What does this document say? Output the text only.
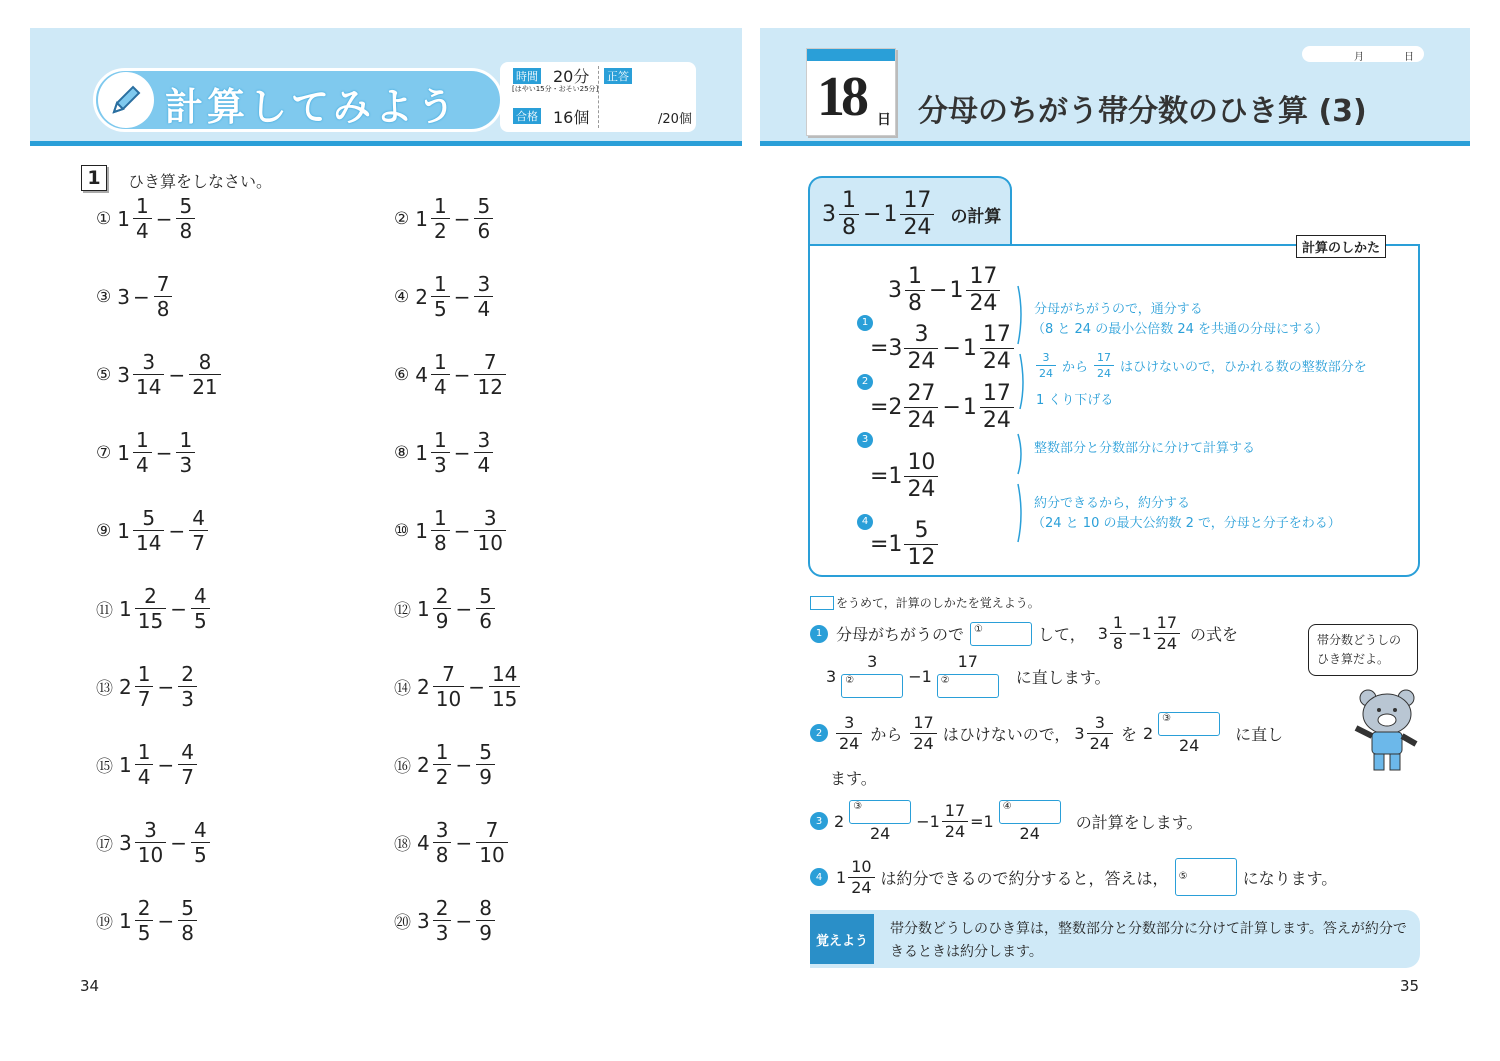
計算してみよう
時間 20分
[はやい15分・おそい25分]
合格 16個
正答
/20個
1	ひき算をしなさい。
① $1 \frac{1}{4} - \frac{5}{8}$	② $1 \frac{1}{2} - \frac{5}{6}$
③ $3 - \frac{7}{8}$	④ $2 \frac{1}{5} - \frac{3}{4}$
⑤ $3 \frac{3}{14} - \frac{8}{21}$	⑥ $4 \frac{1}{4} - \frac{7}{12}$
⑦ $1 \frac{1}{4} - \frac{1}{3}$	⑧ $1 \frac{1}{3} - \frac{3}{4}$
⑨ $1 \frac{5}{14} - \frac{4}{7}$	⑩ $1 \frac{1}{8} - \frac{3}{10}$
⑪ $1 \frac{2}{15} - \frac{4}{5}$	⑫ $1 \frac{2}{9} - \frac{5}{6}$
⑬ $2 \frac{1}{7} - \frac{2}{3}$	⑭ $2 \frac{7}{10} - \frac{14}{15}$
⑮ $1 \frac{1}{4} - \frac{4}{7}$	⑯ $2 \frac{1}{2} - \frac{5}{9}$
⑰ $3 \frac{3}{10} - \frac{4}{5}$	⑱ $4 \frac{3}{8} - \frac{7}{10}$
⑲ $1 \frac{2}{5} - \frac{5}{8}$	⑳ $3 \frac{2}{3} - \frac{8}{9}$
34
月	日
18 日 分母のちがう帯分数のひき算 (3)
$3 \frac{1}{8} - 1 \frac{17}{24}$ の計算
計算のしかた
$3 \frac{1}{8} - 1 \frac{17}{24}$
1
$=3 \frac{3}{24} - 1 \frac{17}{24}$
2
$=2 \frac{27}{24} - 1 \frac{17}{24}$
3
$=1 \frac{10}{24}$
4
$=1 \frac{5}{12}$
分母がちがうので，通分する
（8 と 24 の最小公倍数 24 を共通の分母にする）
$\frac{3}{24}$ から $\frac{17}{24}$ はひけないので，ひかれる数の整数部分を
1 くり下げる
整数部分と分数部分に分けて計算する
約分できるから，約分する
（24 と 10 の最大公約数 2 で，分母と分子をわる）
をうめて，計算のしかたを覚えよう。
1 分母がちがうので ①	して， $3 \frac{1}{8} -1 \frac{17}{24}$ の式を
3
3
②	−1
17
②	に直します。
$2 \frac{3}{24}$ から $\frac{17}{24}$ はひけないので， $3 \frac{3}{24}$ を 2
③
24
に直し
ます。
3 2
③
24
$-1 \frac{17}{24} =1$
④
24
の計算をします。
4 $1 \frac{10}{24}$ は約分できるので約分すると，答えは， ⑤	になります。
帯分数どうしのひき算だよ。
覚えよう
帯分数どうしのひき算は，整数部分と分数部分に分けて計算します。答えが約分できるときは約分します。
35
